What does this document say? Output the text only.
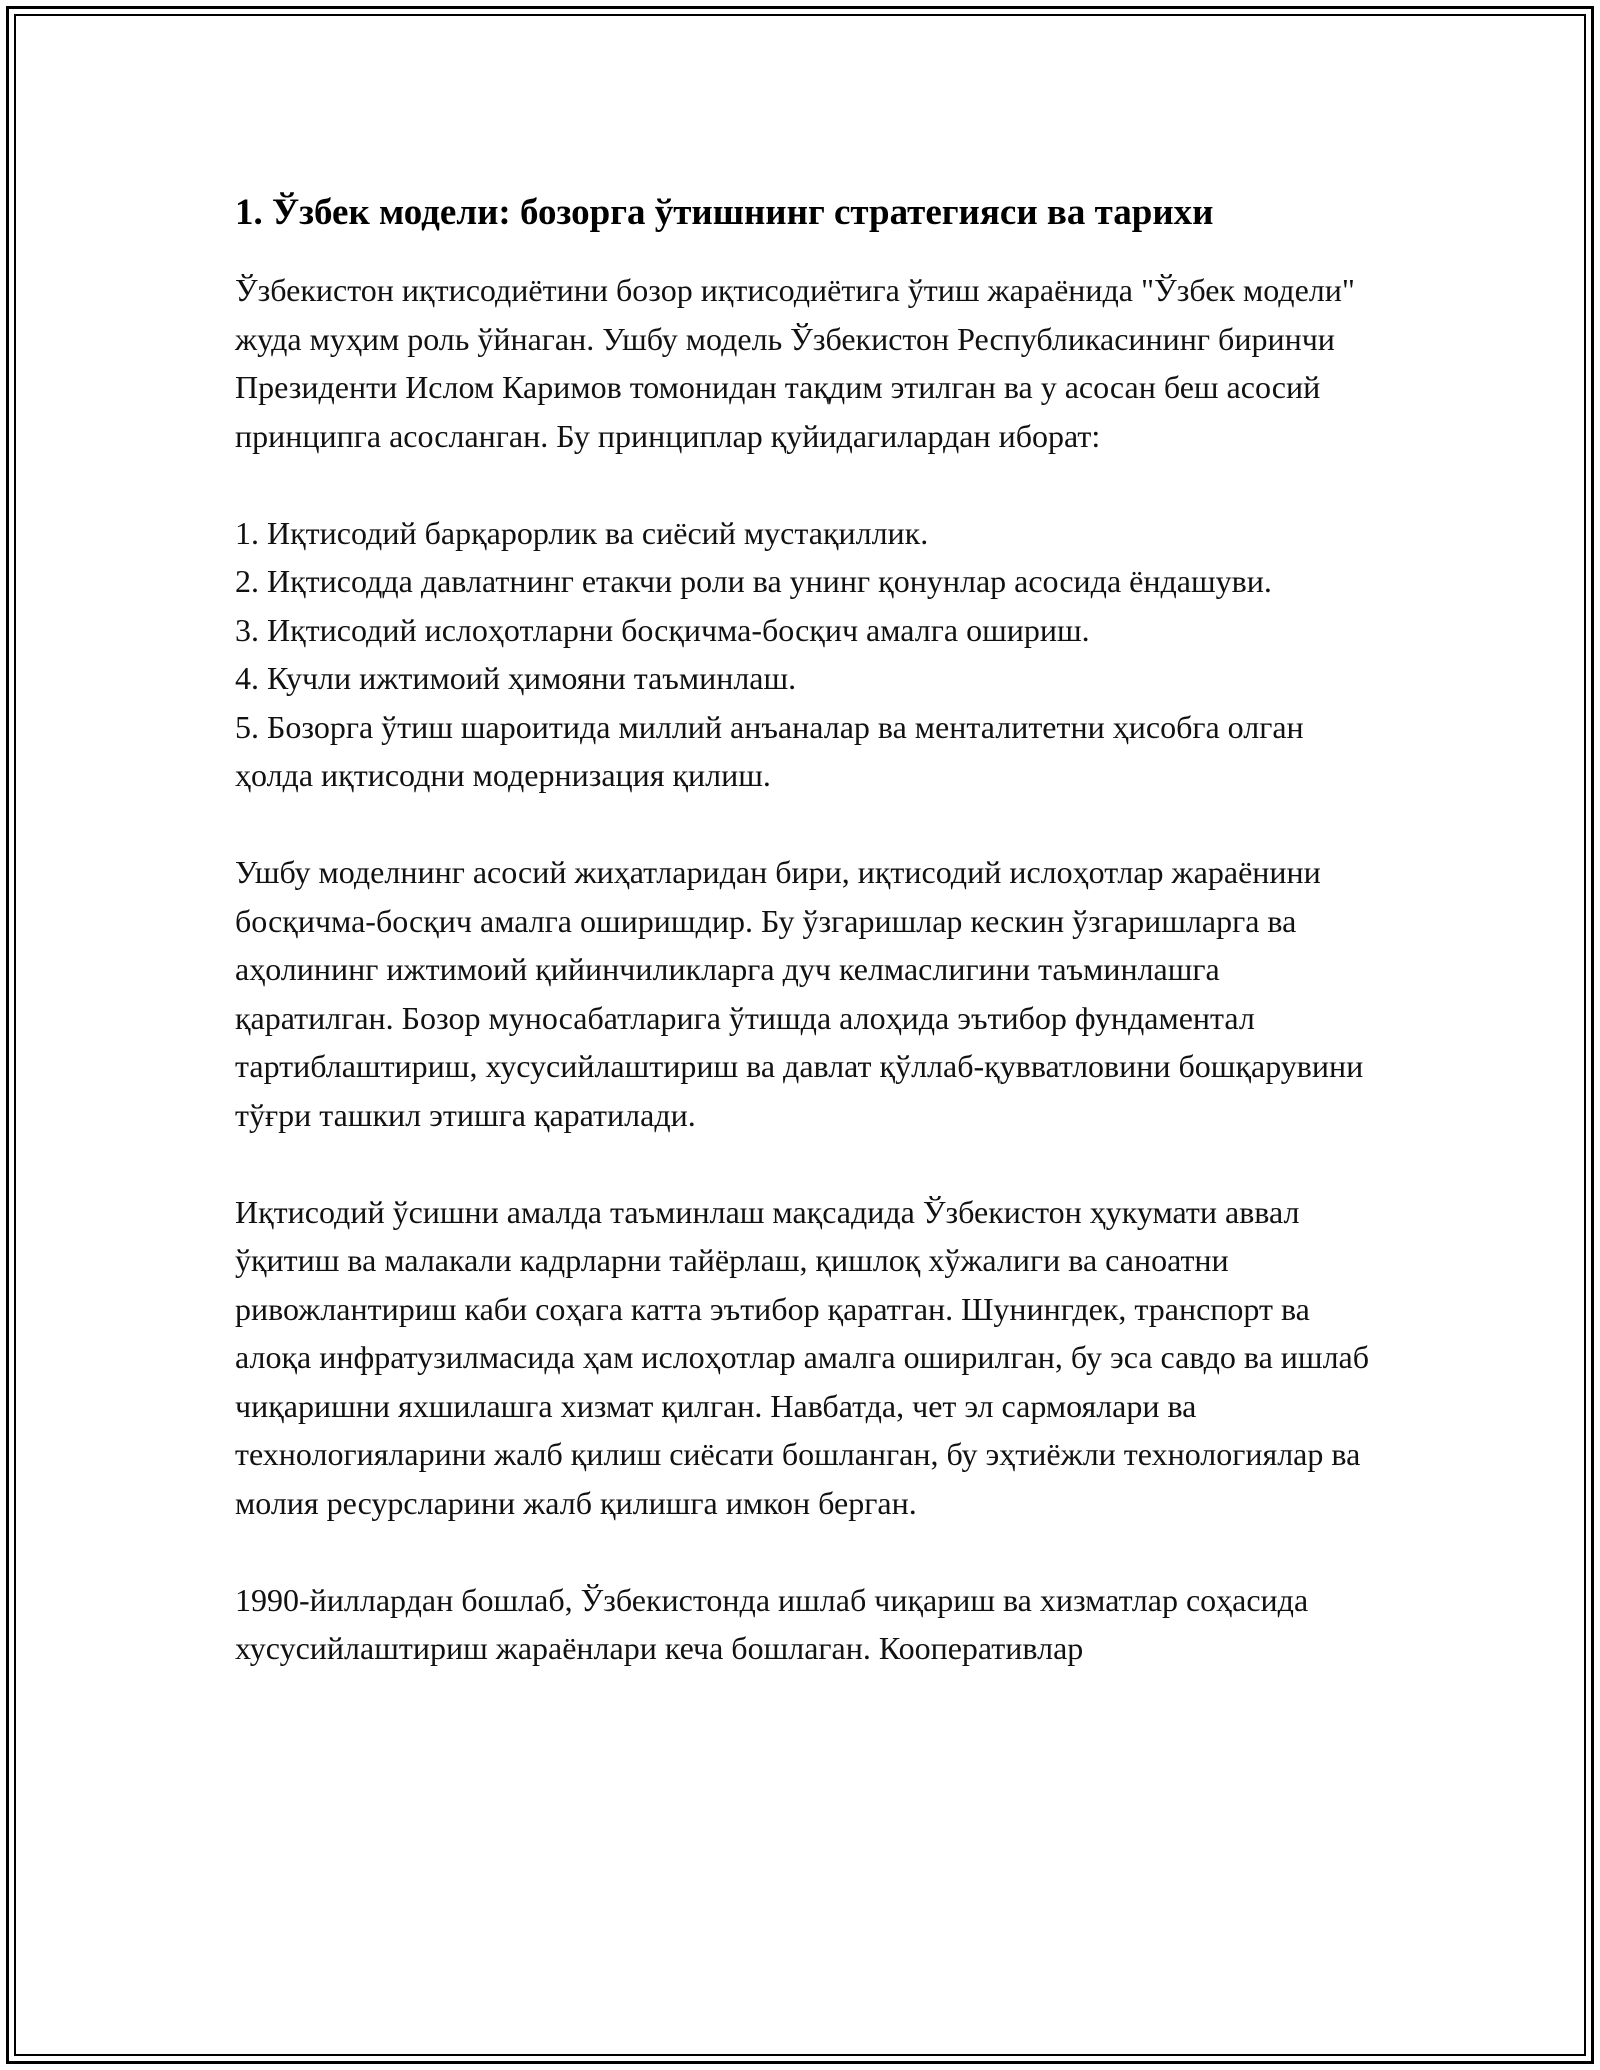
1. Ўзбек модели: бозорга ўтишнинг стратегияси ва тарихи

Ўзбекистон иқтисодиётини бозор иқтисодиётига ўтиш жараёнида "Ўзбек модели" жуда муҳим роль ўйнаган. Ушбу модель Ўзбекистон Республикасининг биринчи Президенти Ислом Каримов томонидан тақдим этилган ва у асосан беш асосий принципга асосланган. Бу принциплар қуйидагилардан иборат:

1. Иқтисодий барқарорлик ва сиёсий мустақиллик.
2. Иқтисодда давлатнинг етакчи роли ва унинг қонунлар асосида ёндашуви.
3. Иқтисодий ислоҳотларни босқичма-босқич амалга ошириш.
4. Кучли ижтимоий ҳимояни таъминлаш.
5. Бозорга ўтиш шароитида миллий анъаналар ва менталитетни ҳисобга олган ҳолда иқтисодни модернизация қилиш.

Ушбу моделнинг асосий жиҳатларидан бири, иқтисодий ислоҳотлар жараёнини босқичма-босқич амалга оширишдир. Бу ўзгаришлар кескин ўзгаришларга ва аҳолининг ижтимоий қийинчиликларга дуч келмаслигини таъминлашга қаратилган. Бозор муносабатларига ўтишда алоҳида эътибор фундаментал тартиблаштириш, хусусийлаштириш ва давлат қўллаб-қувватловини бошқарувини тўғри ташкил этишга қаратилади.

Иқтисодий ўсишни амалда таъминлаш мақсадида Ўзбекистон ҳукумати аввал ўқитиш ва малакали кадрларни тайёрлаш, қишлоқ хўжалиги ва саноатни ривожлантириш каби соҳага катта эътибор қаратган. Шунингдек, транспорт ва алоқа инфратузилмасида ҳам ислоҳотлар амалга оширилган, бу эса савдо ва ишлаб чиқаришни яхшилашга хизмат қилган. Навбатда, чет эл сармоялари ва технологияларини жалб қилиш сиёсати бошланган, бу эҳтиёжли технологиялар ва молия ресурсларини жалб қилишга имкон берган.

1990-йиллардан бошлаб, Ўзбекистонда ишлаб чиқариш ва хизматлар соҳасида хусусийлаштириш жараёнлари кеча бошлаган. Кооперативлар
